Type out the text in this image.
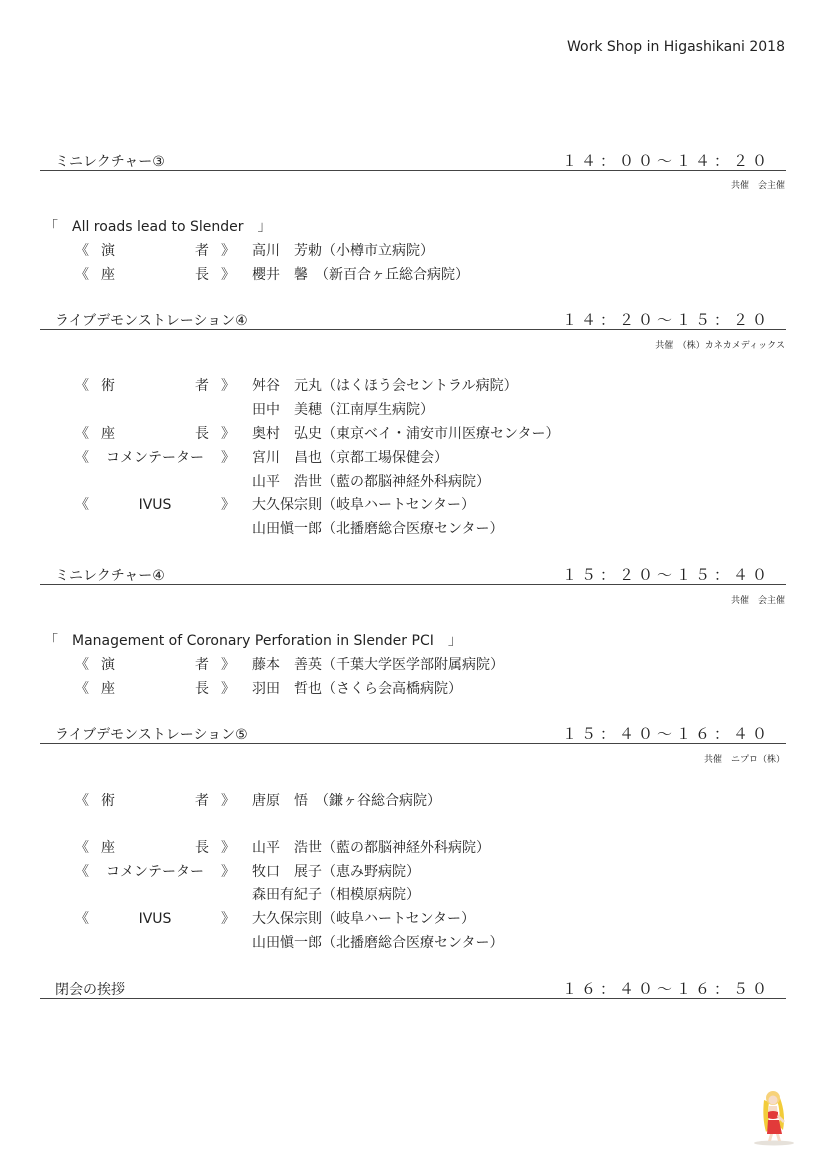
Work Shop in Higashikani 2018
ミニレクチャー③	１４：００〜１４：２０
共催　会主催
「　All roads lead to Slender　」
《 演	者 》 高川　芳勅（小樽市立病院）
《 座	長 》 櫻井　馨　（新百合ヶ丘総合病院）
ライブデモンストレーション④	１４：２０〜１５：２０
共催　（株）カネカメディックス
《 術	者 》 舛谷　元丸（はくほう会セントラル病院）
田中　美穂（江南厚生病院）
《 座	長 》 奥村　弘史（東京ベイ・浦安市川医療センター）
《	コメンテーター	》 宮川　昌也（京都工場保健会）
山平　浩世（藍の都脳神経外科病院）
《	IVUS	》 大久保宗則（岐阜ハートセンター）
山田愼一郎（北播磨総合医療センター）
ミニレクチャー④	１５：２０〜１５：４０
共催　会主催
「　Management of Coronary Perforation in Slender PCI　」
《 演	者 》 藤本　善英（千葉大学医学部附属病院）
《 座	長 》 羽田　哲也（さくら会高橋病院）
ライブデモンストレーション⑤	１５：４０〜１６：４０
共催　ニプロ（株）
《 術	者 》 唐原　悟　（鎌ヶ谷総合病院）
《 座	長 》 山平　浩世（藍の都脳神経外科病院）
《	コメンテーター	》 牧口　展子（恵み野病院）
森田有紀子（相模原病院）
《	IVUS	》 大久保宗則（岐阜ハートセンター）
山田愼一郎（北播磨総合医療センター）
閉会の挨拶	１６：４０〜１６：５０
